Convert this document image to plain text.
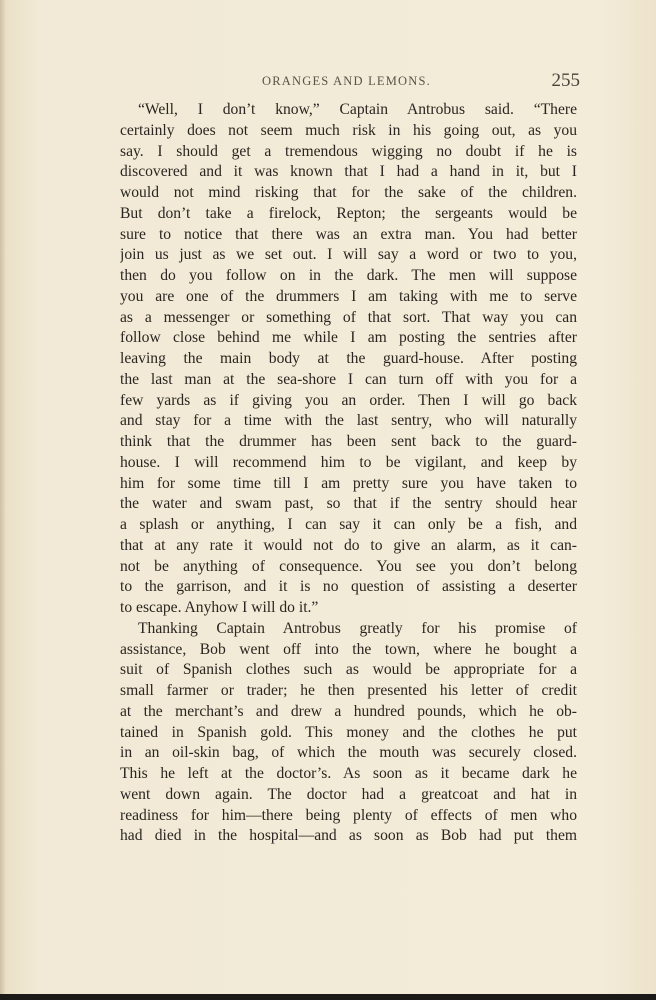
ORANGES AND LEMONS.	255
“Well, I don’t know,” Captain Antrobus said. “There
certainly does not seem much risk in his going out, as you
say. I should get a tremendous wigging no doubt if he is
discovered and it was known that I had a hand in it, but I
would not mind risking that for the sake of the children.
But don’t take a firelock, Repton; the sergeants would be
sure to notice that there was an extra man. You had better
join us just as we set out. I will say a word or two to you,
then do you follow on in the dark. The men will suppose
you are one of the drummers I am taking with me to serve
as a messenger or something of that sort. That way you can
follow close behind me while I am posting the sentries after
leaving the main body at the guard-house. After posting
the last man at the sea-shore I can turn off with you for a
few yards as if giving you an order. Then I will go back
and stay for a time with the last sentry, who will naturally
think that the drummer has been sent back to the guard-
house. I will recommend him to be vigilant, and keep by
him for some time till I am pretty sure you have taken to
the water and swam past, so that if the sentry should hear
a splash or anything, I can say it can only be a fish, and
that at any rate it would not do to give an alarm, as it can-
not be anything of consequence. You see you don’t belong
to the garrison, and it is no question of assisting a deserter
to escape. Anyhow I will do it.”
Thanking Captain Antrobus greatly for his promise of
assistance, Bob went off into the town, where he bought a
suit of Spanish clothes such as would be appropriate for a
small farmer or trader; he then presented his letter of credit
at the merchant’s and drew a hundred pounds, which he ob-
tained in Spanish gold. This money and the clothes he put
in an oil-skin bag, of which the mouth was securely closed.
This he left at the doctor’s. As soon as it became dark he
went down again. The doctor had a greatcoat and hat in
readiness for him—there being plenty of effects of men who
had died in the hospital—and as soon as Bob had put them
